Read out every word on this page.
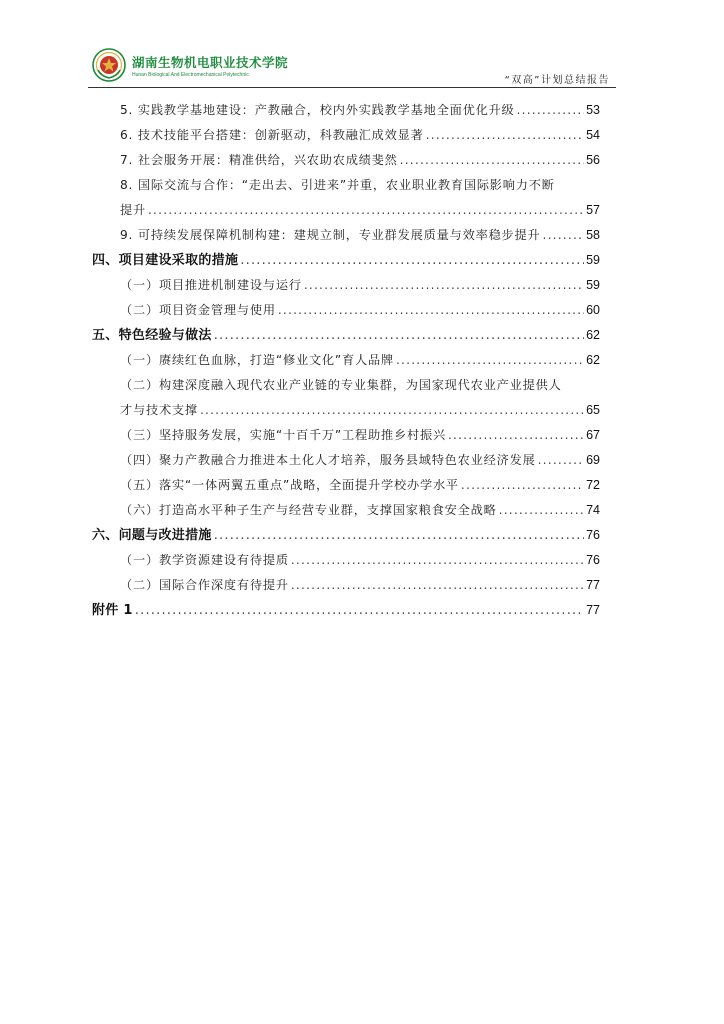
湖南生物机电职业技术学院
Hunan Biological And Electromechanical Polytechnic
“双高”计划总结报告
5. 实践教学基地建设：产教融合，校内外实践教学基地全面优化升级 .....	53
6. 技术技能平台搭建：创新驱动，科教融汇成效显著 .....	54
7. 社会服务开展：精准供给，兴农助农成绩斐然 .....	56
8. 国际交流与合作：“走出去、引进来”并重，农业职业教育国际影响力不断
提升 .....	57
9. 可持续发展保障机制构建：建规立制，专业群发展质量与效率稳步提升 .....	58
四、项目建设采取的措施 .....	59
（一）项目推进机制建设与运行 .....	59
（二）项目资金管理与使用 .....	60
五、特色经验与做法 .....	62
（一）赓续红色血脉，打造“修业文化”育人品牌 .....	62
（二）构建深度融入现代农业产业链的专业集群，为国家现代农业产业提供人
才与技术支撑 .....	65
（三）坚持服务发展，实施“十百千万”工程助推乡村振兴 .....	67
（四）聚力产教融合力推进本土化人才培养，服务县域特色农业经济发展 .....	69
（五）落实“一体两翼五重点”战略，全面提升学校办学水平 .....	72
（六）打造高水平种子生产与经营专业群，支撑国家粮食安全战略 .....	74
六、问题与改进措施 .....	76
（一）教学资源建设有待提质 .....	76
（二）国际合作深度有待提升 .....	77
附件 1 .....	77
